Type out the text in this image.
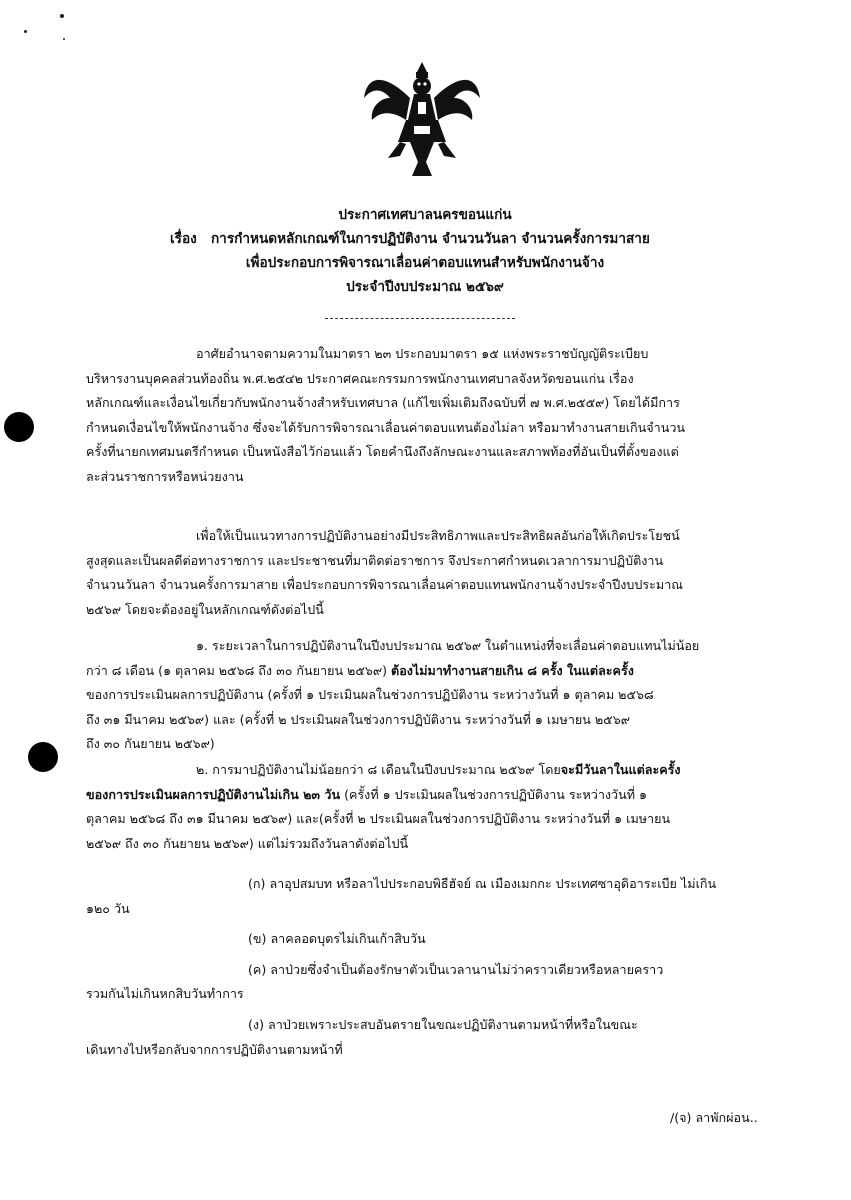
ประกาศเทศบาลนครขอนแก่น
เรื่อง การกำหนดหลักเกณฑ์ในการปฏิบัติงาน จำนวนวันลา จำนวนครั้งการมาสาย
เพื่อประกอบการพิจารณาเลื่อนค่าตอบแทนสำหรับพนักงานจ้าง
ประจำปีงบประมาณ ๒๕๖๙
อาศัยอำนาจตามความในมาตรา ๒๓ ประกอบมาตรา ๑๕ แห่งพระราชบัญญัติระเบียบ
บริหารงานบุคคลส่วนท้องถิ่น พ.ศ.๒๕๔๒ ประกาศคณะกรรมการพนักงานเทศบาลจังหวัดขอนแก่น เรื่อง
หลักเกณฑ์และเงื่อนไขเกี่ยวกับพนักงานจ้างสำหรับเทศบาล (แก้ไขเพิ่มเติมถึงฉบับที่ ๗ พ.ศ.๒๕๕๙) โดยได้มีการ
กำหนดเงื่อนไขให้พนักงานจ้าง ซึ่งจะได้รับการพิจารณาเลื่อนค่าตอบแทนต้องไม่ลา หรือมาทำงานสายเกินจำนวน
ครั้งที่นายกเทศมนตรีกำหนด เป็นหนังสือไว้ก่อนแล้ว โดยคำนึงถึงลักษณะงานและสภาพท้องที่อันเป็นที่ตั้งของแต่
ละส่วนราชการหรือหน่วยงาน
เพื่อให้เป็นแนวทางการปฏิบัติงานอย่างมีประสิทธิภาพและประสิทธิผลอันก่อให้เกิดประโยชน์
สูงสุดและเป็นผลดีต่อทางราชการ และประชาชนที่มาติดต่อราชการ จึงประกาศกำหนดเวลาการมาปฏิบัติงาน
จำนวนวันลา จำนวนครั้งการมาสาย เพื่อประกอบการพิจารณาเลื่อนค่าตอบแทนพนักงานจ้างประจำปีงบประมาณ
๒๕๖๙ โดยจะต้องอยู่ในหลักเกณฑ์ดังต่อไปนี้
๑. ระยะเวลาในการปฏิบัติงานในปีงบประมาณ ๒๕๖๙ ในตำแหน่งที่จะเลื่อนค่าตอบแทนไม่น้อย
กว่า ๘ เดือน (๑ ตุลาคม ๒๕๖๘ ถึง ๓๐ กันยายน ๒๕๖๙) ต้องไม่มาทำงานสายเกิน ๘ ครั้ง ในแต่ละครั้ง
ของการประเมินผลการปฏิบัติงาน (ครั้งที่ ๑ ประเมินผลในช่วงการปฏิบัติงาน ระหว่างวันที่ ๑ ตุลาคม ๒๕๖๘
ถึง ๓๑ มีนาคม ๒๕๖๙) และ (ครั้งที่ ๒ ประเมินผลในช่วงการปฏิบัติงาน ระหว่างวันที่ ๑ เมษายน ๒๕๖๙
ถึง ๓๐ กันยายน ๒๕๖๙)
๒. การมาปฏิบัติงานไม่น้อยกว่า ๘ เดือนในปีงบประมาณ ๒๕๖๙ โดยจะมีวันลาในแต่ละครั้ง
ของการประเมินผลการปฏิบัติงานไม่เกิน ๒๓ วัน (ครั้งที่ ๑ ประเมินผลในช่วงการปฏิบัติงาน ระหว่างวันที่ ๑
ตุลาคม ๒๕๖๘ ถึง ๓๑ มีนาคม ๒๕๖๙) และ(ครั้งที่ ๒ ประเมินผลในช่วงการปฏิบัติงาน ระหว่างวันที่ ๑ เมษายน
๒๕๖๙ ถึง ๓๐ กันยายน ๒๕๖๙) แต่ไม่รวมถึงวันลาดังต่อไปนี้
(ก) ลาอุปสมบท หรือลาไปประกอบพิธีฮัจย์ ณ เมืองเมกกะ ประเทศซาอุดิอาระเบีย ไม่เกิน
๑๒๐ วัน
(ข) ลาคลอดบุตรไม่เกินเก้าสิบวัน
(ค) ลาป่วยซึ่งจำเป็นต้องรักษาตัวเป็นเวลานานไม่ว่าคราวเดียวหรือหลายคราว
รวมกันไม่เกินหกสิบวันทำการ
(ง) ลาป่วยเพราะประสบอันตรายในขณะปฏิบัติงานตามหน้าที่หรือในขณะ
เดินทางไปหรือกลับจากการปฏิบัติงานตามหน้าที่
/(จ) ลาพักผ่อน..
